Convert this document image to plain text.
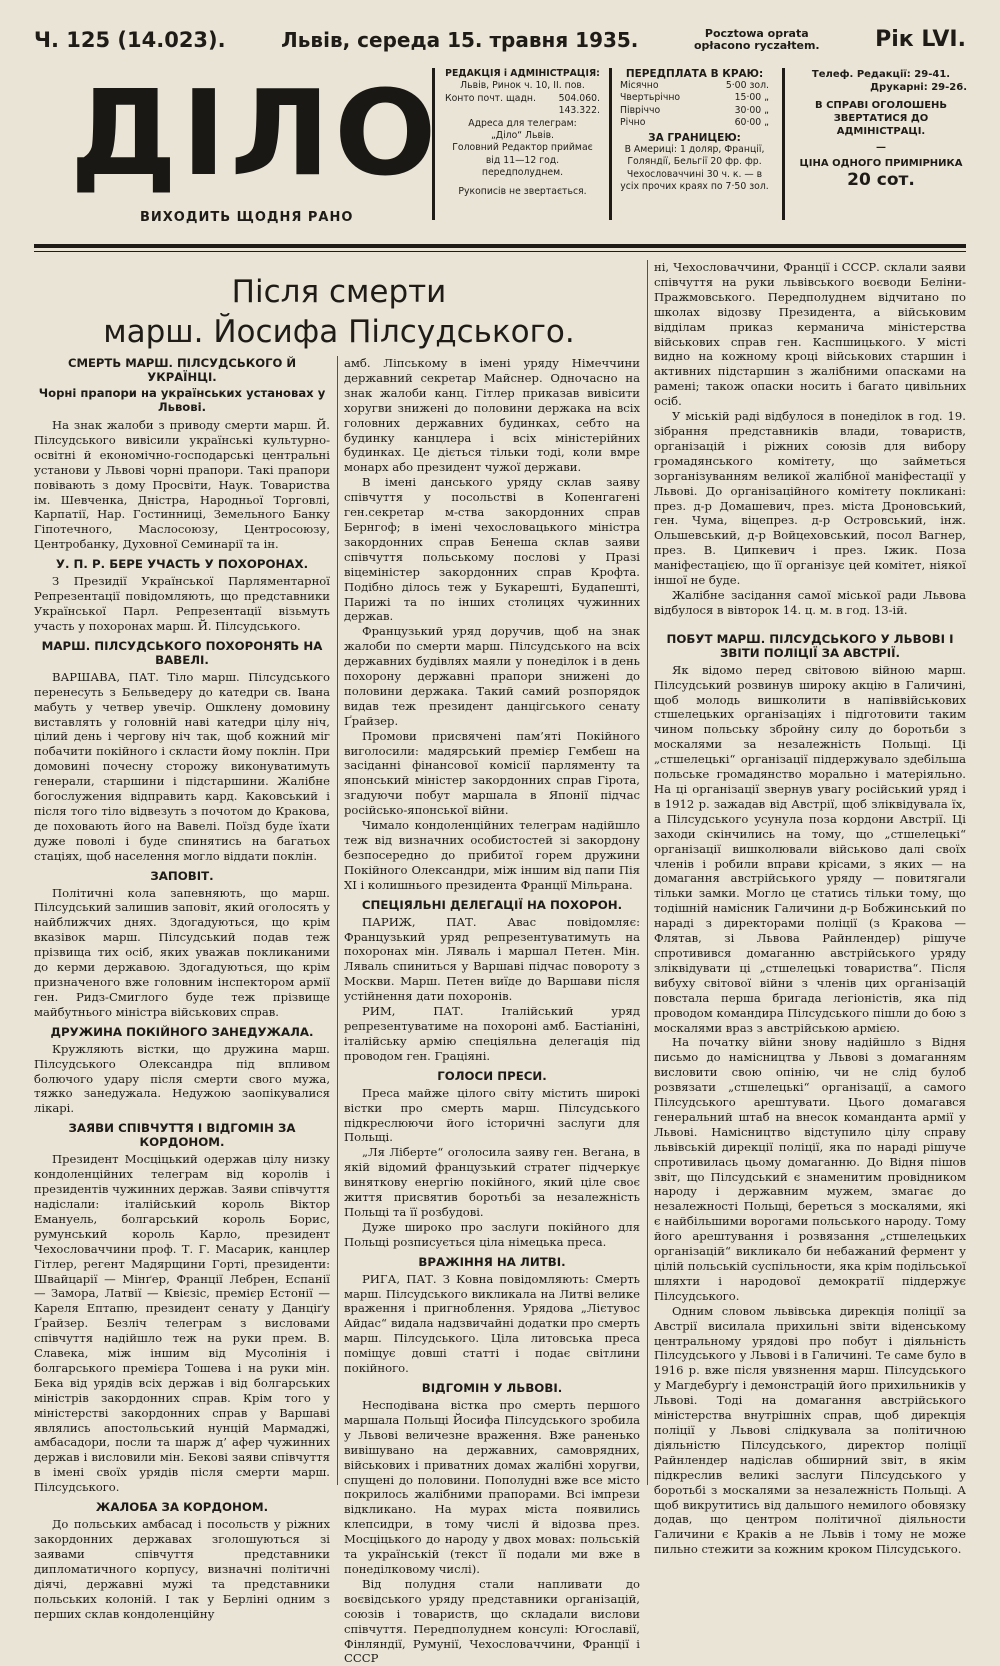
Ч. 125 (14.023).	Львів, середа 15. травня 1935.	Pocztowa oprata
opłacono ryczałtem.	Рік LVI.
ДІЛО
ВИХОДИТЬ ЩОДНЯ РАНО
РЕДАКЦІЯ і АДМІНІСТРАЦІЯ:
Львів, Ринок ч. 10, II. пов.
Конто почт. щадн.	504.060. 143.322.
Адреса для телеграм:
„Діло“ Львів.
Головний Редактор приймає від 11—12 год. передполуднем.
Рукописів не звертається.
ПЕРЕДПЛАТА В КРАЮ:
Місячно	5·00 зол.
Чвертьрічно	15·00 „
Півріччо	30·00 „
Річно	60·00 „
ЗА ГРАНИЦЕЮ:
В Америці: 1 доляр, Франції, Голяндії, Бельгії 20 фр. фр. Чехословаччині 30 ч. к. — в усіх прочих краях по 7·50 зол.
Телеф. Редакції: 29-41.
Друкарні: 29-26.
В СПРАВІ ОГОЛОШЕНЬ ЗВЕРТАТИСЯ ДО АДМІНІСТРАЦІ.
—
ЦІНА ОДНОГО ПРИМІРНИКА
20 сот.
Після смерти
марш. Йосифа Пілсудського.
СМЕРТЬ МАРШ. ПІЛСУДСЬКОГО Й УКРАЇНЦІ.
Чорні прапори на українських установах у Львові.

На знак жалоби з приводу смерти марш. Й. Пілсудського вивісили українські культурно-освітні й економічно-господарські центральні установи у Львові чорні прапори. Такі прапори повівають з дому Просвіти, Наук. Товариства ім. Шевченка, Дністра, Народньої Торговлі, Карпатії, Нар. Гостинниці, Земельного Банку Гіпотечного, Маслосоюзу, Центросоюзу, Центробанку, Духовної Семинарії та ін.

У. П. Р. БЕРЕ УЧАСТЬ У ПОХОРОНАХ.

З Президії Української Парляментарної Репрезентації повідомляють, що представники Української Парл. Репрезентації візьмуть участь у похоронах марш. Й. Пілсудського.

МАРШ. ПІЛСУДСЬКОГО ПОХОРОНЯТЬ НА ВАВЕЛІ.

ВАРШАВА, ПАТ. Тіло марш. Пілсудського перенесуть з Бельведеру до катедри св. Івана мабуть у четвер увечір. Ошклену домовину виставлять у головній наві катедри цілу ніч, цілий день і чергову ніч так, щоб кожний міг побачити покійного і скласти йому поклін. При домовині почесну сторожу виконуватимуть генерали, старшини і підстаршини. Жалібне богослужения відправить кард. Каковський і після того тіло відвезуть з почотом до Кракова, де поховають його на Вавелі. Поїзд буде їхати дуже поволі і буде спинятись на багатьох стаціях, щоб населення могло віддати поклін.

ЗАПОВІТ.

Політичні кола запевняють, що марш. Пілсудський залишив заповіт, який оголосять у найближчих днях. Здогадуються, що крім вказівок марш. Пілсудський подав теж прізвища тих осіб, яких уважав покликаними до керми державою. Здогадуються, що крім призначеного вже головним інспектором армії ген. Ридз-Смиглого буде теж прізвище майбутнього міністра військових справ.

ДРУЖИНА ПОКІЙНОГО ЗАНЕДУЖАЛА.

Кружляють вістки, що дружина марш. Пілсудського Олександра під впливом болючого удару після смерти свого мужа, тяжко занедужала. Недужою заопікувалися лікарі.

ЗАЯВИ СПІВЧУТТЯ І ВІДГОМІН ЗА КОРДОНОМ.

Президент Мосціцький одержав цілу низку кондоленційних телеграм від королів і президентів чужинних держав. Заяви співчуття надіслали: італійський король Віктор Емануель, болгарський король Борис, румунський король Карло, президент Чехословаччини проф. Т. Г. Масарик, канцлер Гітлер, регент Мадярщини Горті, президенти: Швайцарії — Мінґер, Франції Лебрен, Еспанії — Замора, Латвії — Квієзіс, премієр Естонії — Кареля Ептапю, президент сенату у Данціґу Ґрайзер. Безліч телеграм з висловами співчуття надійшло теж на руки прем. В. Славека, між іншим від Мусолінія і болгарського премієра Тошева і на руки мін. Бека від урядів всіх держав і від болгарських міністрів закордонних справ. Крім того у міністерстві закордонних справ у Варшаві являлись апостольський нунцій Мармаджі, амбасадори, посли та шарж д’ афер чужинних держав і висловили мін. Бекові заяви співчуття в імені своїх урядів після смерти марш. Пілсудського.

ЖАЛОБА ЗА КОРДОНОМ.

До польських амбасад і посольств у ріжних закордонних державах зголошуються зі заявами співчуття представники дипломатичного корпусу, визначні політичні діячі, державні мужі та представники польських колоній. І так у Берліні одним з перших склав кондоленційну

амб. Ліпському в імені уряду Німеччини державний секретар Майснер. Одночасно на знак жалоби канц. Гітлер приказав вивісити хоругви знижені до половини держака на всіх головних державних будинках, себто на будинку канцлера і всіх міністерійних будинках. Це діється тільки тоді, коли вмре монарх або президент чужої держави.

В імені данського уряду склав заяву співчуття у посольстві в Копенгагені ген.секретар м-ства закордонних справ Бернгоф; в імені чехословацького міністра закордонних справ Бенеша склав заяви співчуття польському послові у Празі віцеміністер закордонних справ Крофта. Подібно ділось теж у Букарешті, Будапешті, Парижі та по інших столицях чужинних держав.

Французький уряд доручив, щоб на знак жалоби по смерти марш. Пілсудського на всіх державних будівлях маяли у понеділок і в день похорону державні прапори знижені до половини держака. Такий самий розпорядок видав теж президент данцігського сенату Ґрайзер.

Промови присвячені пам’яті Покійного виголосили: мадярський премієр Гембеш на засіданні фінансової комісії парляменту та японський міністер закордонних справ Гірота, згадуючи побут маршала в Японії підчас російсько-японської війни.

Чимало кондоленційних телеграм надійшло теж від визначних особистостей зі закордону безпосередно до прибитої горем дружини Покійного Олександри, між іншим від папи Пія XI і колишнього президента Франції Мільрана.

СПЕЦІЯЛЬНІ ДЕЛЕГАЦІЇ НА ПОХОРОН.

ПАРИЖ, ПАТ. Авас повідомляє: Французький уряд репрезентуватимуть на похоронах мін. Ляваль і маршал Петен. Мін. Ляваль спиниться у Варшаві підчас повороту з Москви. Марш. Петен виїде до Варшави після устійнення дати похоронів.

РИМ, ПАТ. Італійський уряд репрезентуватиме на похороні амб. Бастіаніні, італійську армію спеціяльна делегація під проводом ген. Граціяні.

ГОЛОСИ ПРЕСИ.

Преса майже цілого світу містить широкі вістки про смерть марш. Пілсудського підкреслюючи його історичні заслуги для Польщі.

„Ля Ліберте“ оголосила заяву ген. Вегана, в якій відомий французький стратег підчеркує виняткову енергію покійного, який ціле своє життя присвятив боротьбі за незалежність Польщі та її розбудові.

Дуже широко про заслуги покійного для Польщі розписується ціла німецька преса.

ВРАЖІННЯ НА ЛИТВІ.

РИГА, ПАТ. З Ковна повідомляють: Смерть марш. Пілсудського викликала на Литві велике враження і пригноблення. Урядова „Лієтувос Айдас“ видала надзвичайні додатки про смерть марш. Пілсудського. Ціла литовська преса поміщує довші статті і подає світлини покійного.

ВІДГОМІН У ЛЬВОВІ.

Несподівана вістка про смерть першого маршала Польщі Йосифа Пілсудського зробила у Львові величезне враження. Вже раненько вивішувано на державних, самоврядних, військових і приватних домах жалібні хоругви, спущені до половини. Пополудні вже все місто покрилось жалібними прапорами. Всі імпрези відкликано. На мурах міста появились клепсидри, в тому числі й відозва през. Мосціцького до народу у двох мовах: польській та українській (текст її подали ми вже в понеділковому числі).

Від полудня стали напливати до воєвідського уряду представники організацій, союзів і товариств, що складали вислови співчуття. Передполуднем консулі: Югославії, Фінляндії, Румунії, Чехословаччини, Франції і СССР

ні, Чехословаччини, Франції і СССР. склали заяви співчуття на руки львівського воєводи Беліни-Пражмовського. Передполуднем відчитано по школах відозву Президента, а військовим відділам приказ керманича міністерства військових справ ген. Каспшицького. У місті видно на кожному кроці військових старшин і активних підстаршин з жалібними опасками на рамені; також опаски носить і багато цивільних осіб.

У міській раді відбулося в понеділок в год. 19. зібрання представників влади, товариств, організацій і ріжних союзів для вибору громадянського комітету, що займеться зорганізуванням великої жалібної маніфестації у Львові. До організаційного комітету покликані: през. д-р Домашевич, през. міста Дроновський, ген. Чума, віцепрез. д-р Островський, інж. Ольшевський, д-р Войцеховський, посол Вагнер, през. В. Ципкевич і през. Іжик. Поза маніфестацією, що її організує цей комітет, ніякої іншої не буде.

Жалібне засідання самої міської ради Львова відбулося в вівторок 14. ц. м. в год. 13-ій.

ПОБУТ МАРШ. ПІЛСУДСЬКОГО У ЛЬВОВІ І ЗВІТИ ПОЛІЦІЇ ЗА АВСТРІЇ.

Як відомо перед світовою війною марш. Пілсудський розвинув широку акцію в Галичині, щоб молодь вишколити в напіввійськових стшелецьких організаціях і підготовити таким чином польську збройну силу до боротьби з москалями за незалежність Польщі. Ці „стшелецькі“ організації піддержувало здебільша польське громадянство морально і матеріяльно. На ці організації звернув увагу російський уряд і в 1912 р. зажадав від Австрії, щоб зліквідувала їх, а Пілсудського усунула поза кордони Австрії. Ці заходи скінчились на тому, що „стшелецькі“ організації вишколювали військово далі своїх членів і робили вправи крісами, з яких — на домагання австрійського уряду — повитягали тільки замки. Могло це статись тільки тому, що тодішній намісник Галичини д-р Бобжинський по нараді з директорами поліції (з Кракова — Флятав, зі Львова Райнлендер) рішуче спротивився домаганню австрійського уряду зліквідувати ці „стшелецькі товариства“. Після вибуху світової війни з членів цих організацій повстала перша бригада легіоністів, яка під проводом командира Пілсудського пішли до бою з москалями враз з австрійською армією.

На початку війни знову надійшло з Відня письмо до намісництва у Львові з домаганням висловити свою опінію, чи не слід булоб розвязати „стшелецькі“ організації, а самого Пілсудського арештувати. Цього домагався генеральний штаб на внесок командантa армії у Львові. Намісництво відступило цілу справу львівській дирекції поліції, яка по нараді рішуче спротивилась цьому домаганню. До Відня пішов звіт, що Пілсудський є знаменитим провідником народу і державним мужем, змагає до незалежності Польщі, береться з москалями, які є найбільшими ворогами польського народу. Тому його арештування і розвязання „стшелецьких організацій“ викликало би небажаний фермент у цілій польській суспільности, яка крім подільської шляхти і народової демократії піддержує Пілсудського.

Одним словом львівська дирекція поліції за Австрії висилала прихильні звіти віденському центральному урядові про побут і діяльність Пілсудського у Львові і в Галичині. Те саме було в 1916 р. вже після увязнення марш. Пілсудського у Магдебурґу і демонстрацій його прихильників у Львові. Тоді на домагання австрійського міністерства внутрішніх справ, щоб дирекція поліції у Львові слідкувала за політичною діяльністю Пілсудського, директор поліції Райнлендер надіслав обширний звіт, в якім підкреслив великі заслуги Пілсудського у боротьбі з москалями за незалежність Польщі. А щоб викрутитись від дальшого немилого обовязку додав, що центром політичної діяльности Галичини є Краків а не Львів і тому не може пильно стежити за кожним кроком Пілсудського.
